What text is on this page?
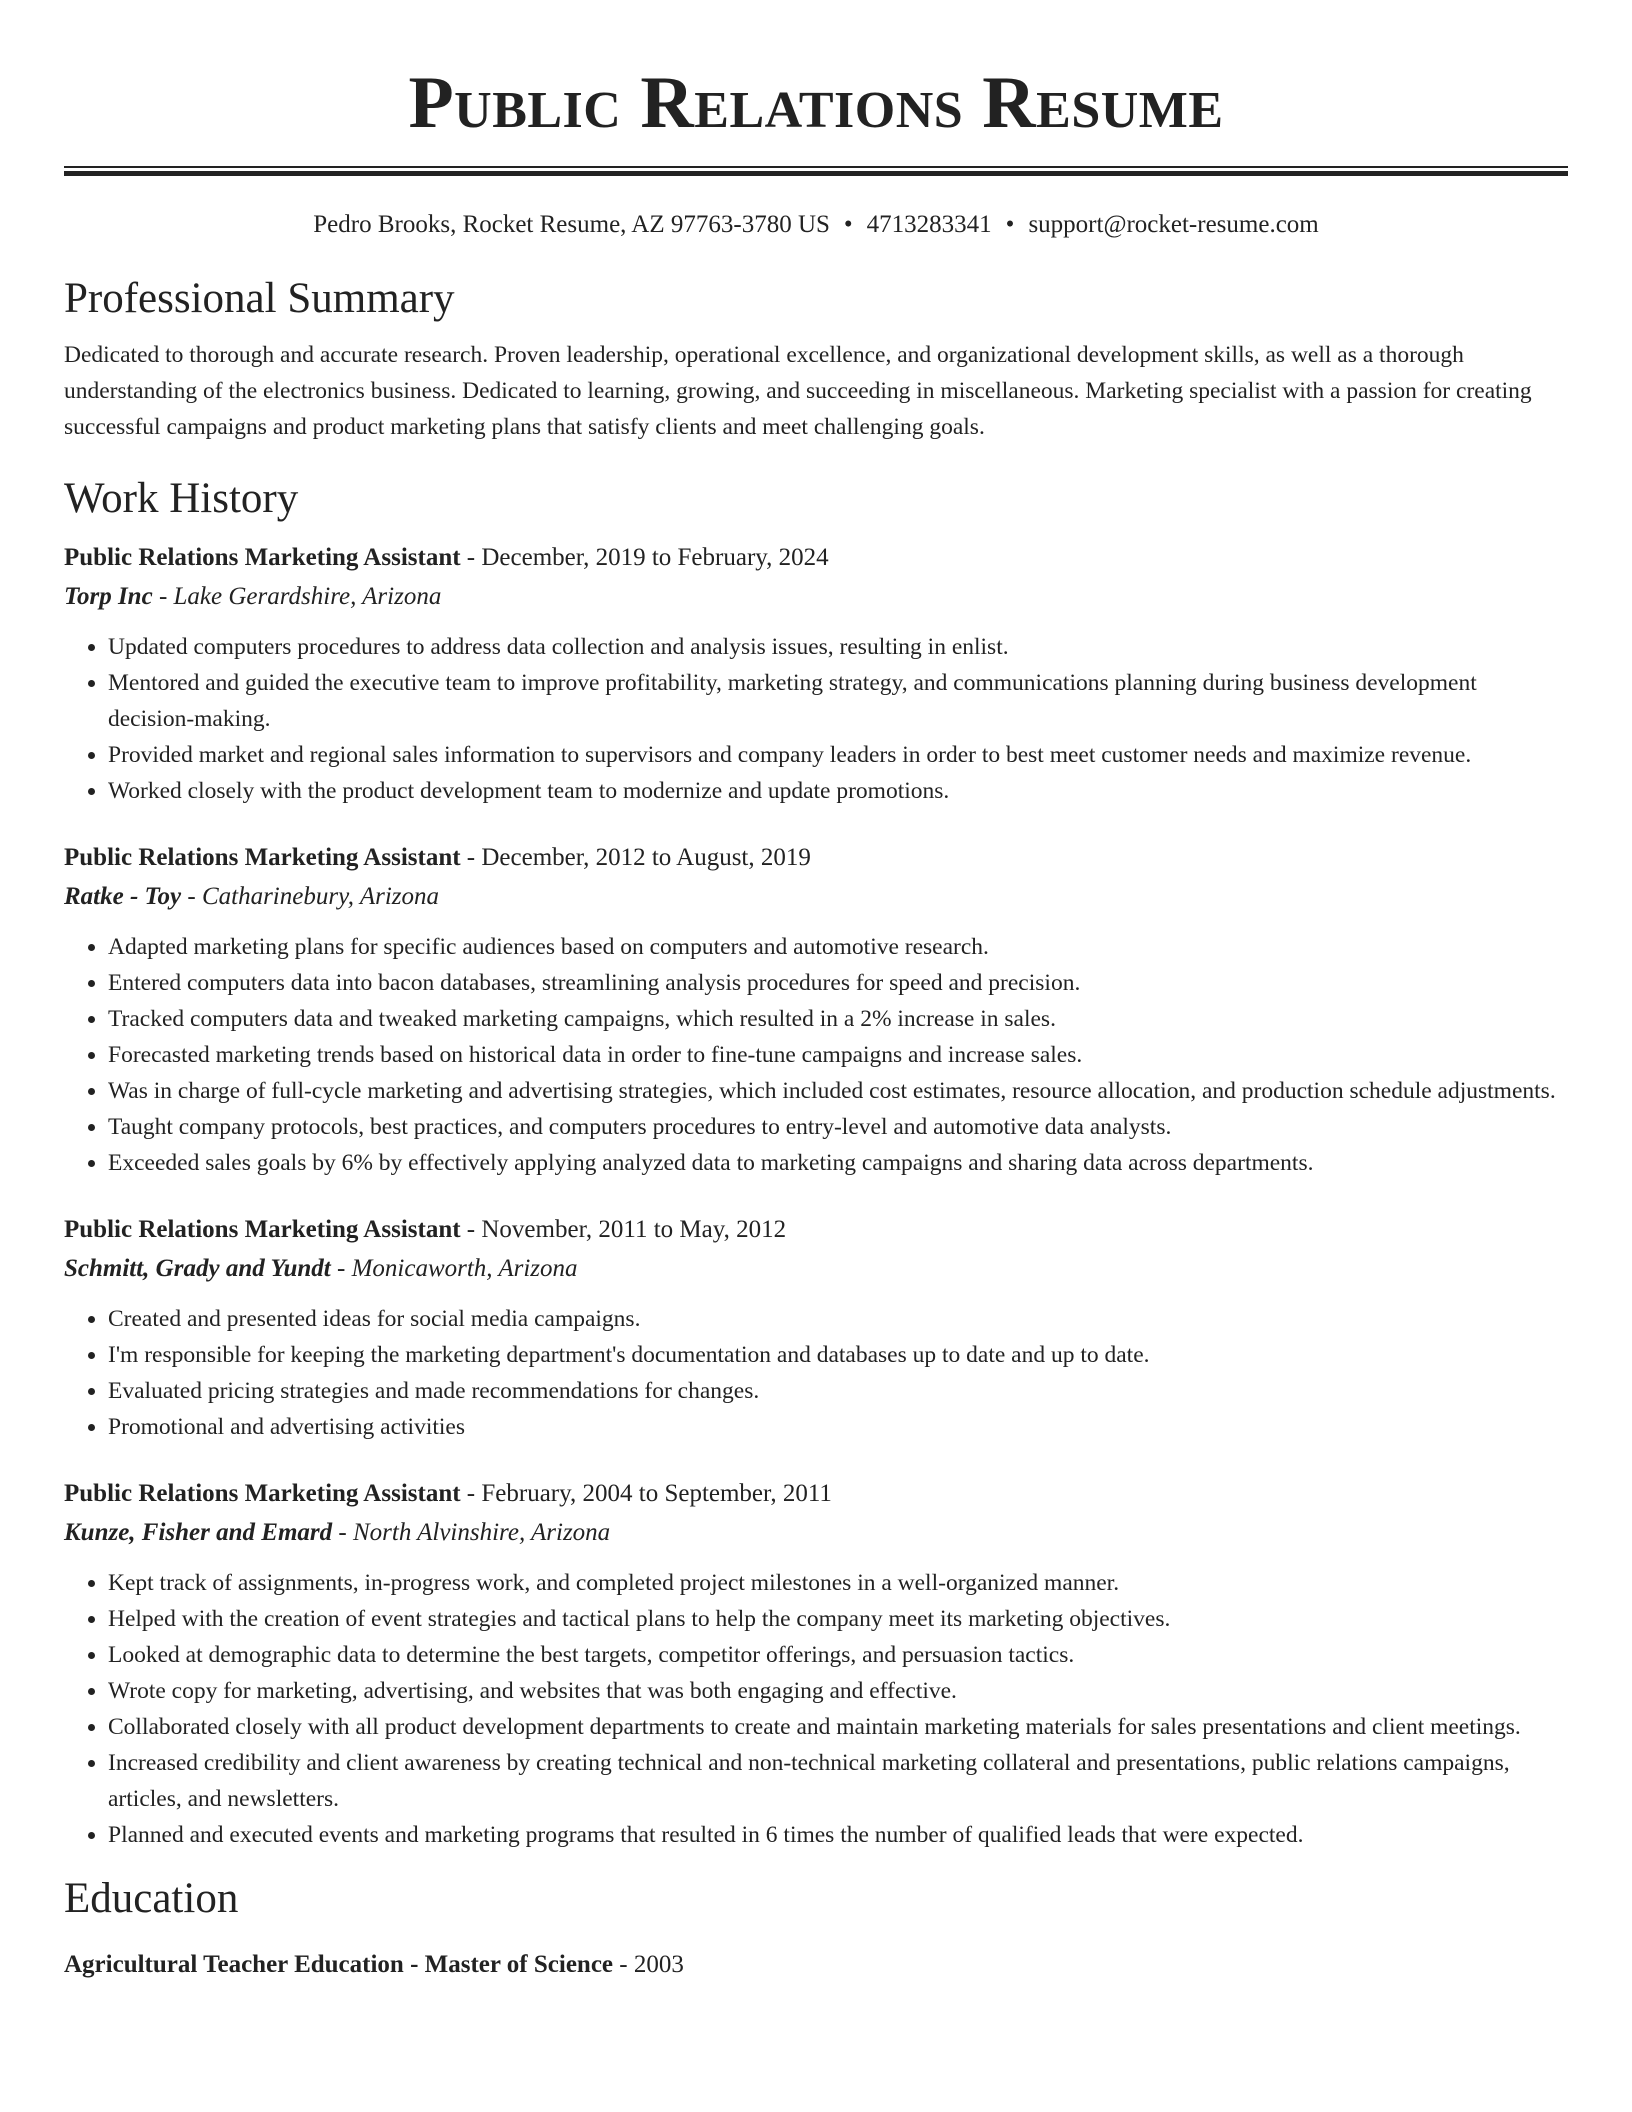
Public Relations Resume
Pedro Brooks, Rocket Resume, AZ 97763-3780 US • 4713283341 • support@rocket-resume.com
Professional Summary

Dedicated to thorough and accurate research. Proven leadership, operational excellence, and organizational development skills, as well as a thorough understanding of the electronics business. Dedicated to learning, growing, and succeeding in miscellaneous. Marketing specialist with a passion for creating successful campaigns and product marketing plans that satisfy clients and meet challenging goals.

Work History
Public Relations Marketing Assistant - December, 2019 to February, 2024
Torp Inc - Lake Gerardshire, Arizona
• Updated computers procedures to address data collection and analysis issues, resulting in enlist.
• Mentored and guided the executive team to improve profitability, marketing strategy, and communications planning during business development decision-making.
• Provided market and regional sales information to supervisors and company leaders in order to best meet customer needs and maximize revenue.
• Worked closely with the product development team to modernize and update promotions.
Public Relations Marketing Assistant - December, 2012 to August, 2019
Ratke - Toy - Catharinebury, Arizona
• Adapted marketing plans for specific audiences based on computers and automotive research.
• Entered computers data into bacon databases, streamlining analysis procedures for speed and precision.
• Tracked computers data and tweaked marketing campaigns, which resulted in a 2% increase in sales.
• Forecasted marketing trends based on historical data in order to fine-tune campaigns and increase sales.
• Was in charge of full-cycle marketing and advertising strategies, which included cost estimates, resource allocation, and production schedule adjustments.
• Taught company protocols, best practices, and computers procedures to entry-level and automotive data analysts.
• Exceeded sales goals by 6% by effectively applying analyzed data to marketing campaigns and sharing data across departments.
Public Relations Marketing Assistant - November, 2011 to May, 2012
Schmitt, Grady and Yundt - Monicaworth, Arizona
• Created and presented ideas for social media campaigns.
• I'm responsible for keeping the marketing department's documentation and databases up to date and up to date.
• Evaluated pricing strategies and made recommendations for changes.
• Promotional and advertising activities
Public Relations Marketing Assistant - February, 2004 to September, 2011
Kunze, Fisher and Emard - North Alvinshire, Arizona
• Kept track of assignments, in-progress work, and completed project milestones in a well-organized manner.
• Helped with the creation of event strategies and tactical plans to help the company meet its marketing objectives.
• Looked at demographic data to determine the best targets, competitor offerings, and persuasion tactics.
• Wrote copy for marketing, advertising, and websites that was both engaging and effective.
• Collaborated closely with all product development departments to create and maintain marketing materials for sales presentations and client meetings.
• Increased credibility and client awareness by creating technical and non-technical marketing collateral and presentations, public relations campaigns, articles, and newsletters.
• Planned and executed events and marketing programs that resulted in 6 times the number of qualified leads that were expected.
Education
Agricultural Teacher Education - Master of Science - 2003
